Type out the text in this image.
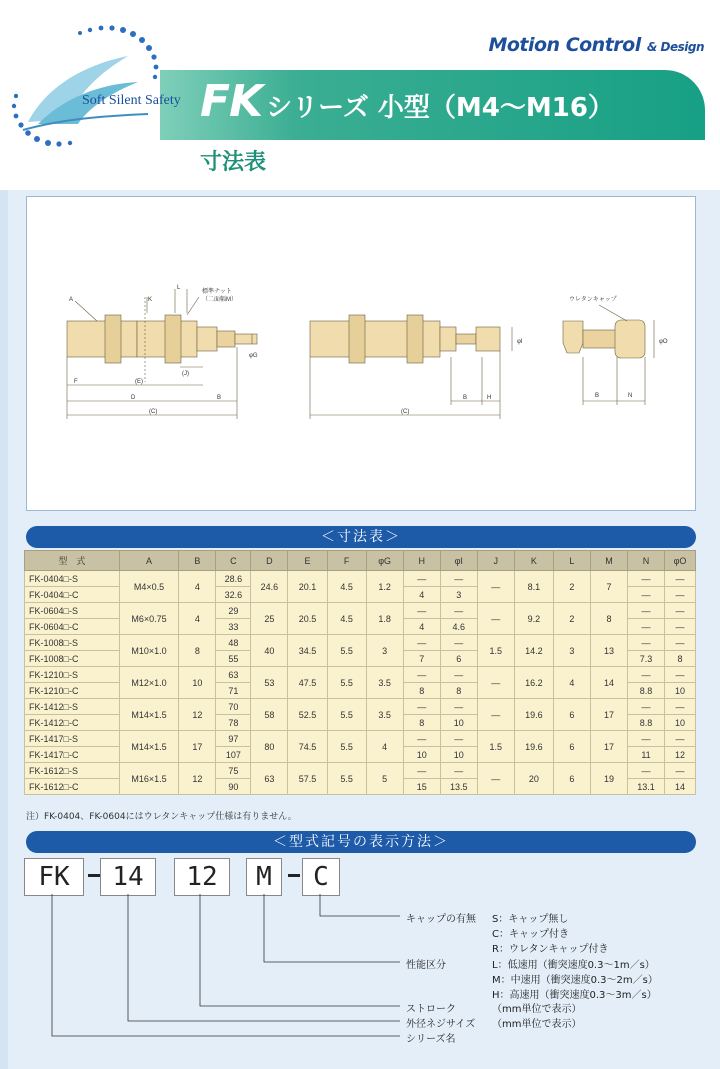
Motion Control & Design
Soft Silent Safety FK シリーズ 小型（M4～M16）
寸法表
A	K
L
標準ナット
（二面幅M）
φG
F	(E)
(J)
D	B
(C)
B	H
(C)
φI
ウレタンキャップ
φO
B	N
＜寸法表＞
型　式	A	B	C	D	E	F	φG	H	φI	J	K	L	M	N	φO
FK-0404□-S	M4×0.5	4	28.6	24.6	20.1	4.5	1.2	—	—	—	8.1	2	7	—	—
FK-0404□-C			32.6					4	3					—	—
FK-0604□-S	M6×0.75	4	29	25	20.5	4.5	1.8	—	—	—	9.2	2	8	—	—
FK-0604□-C			33					4	4.6					—	—
FK-1008□-S	M10×1.0	8	48	40	34.5	5.5	3	—	—	1.5	14.2	3	13	—	—
FK-1008□-C			55					7	6					7.3	8
FK-1210□-S	M12×1.0	10	63	53	47.5	5.5	3.5	—	—	—	16.2	4	14	—	—
FK-1210□-C			71					8	8					8.8	10
FK-1412□-S	M14×1.5	12	70	58	52.5	5.5	3.5	—	—	—	19.6	6	17	—	—
FK-1412□-C			78					8	10					8.8	10
FK-1417□-S	M14×1.5	17	97	80	74.5	5.5	4	—	—	1.5	19.6	6	17	—	—
FK-1417□-C			107					10	10					11	12
FK-1612□-S	M16×1.5	12	75	63	57.5	5.5	5	—	—	—	20	6	19	—	—
FK-1612□-C			90					15	13.5					13.1	14
注）FK-0404、FK-0604にはウレタンキャップ仕様は有りません。
＜型式記号の表示方法＞
FK	14	12	M	C
キャップの有無 S：キャップ無し
C：キャップ付き
R：ウレタンキャップ付き
性能区分	L：低速用（衝突速度0.3～1m／s）
M：中速用（衝突速度0.3～2m／s）
H：高速用（衝突速度0.3～3m／s）
ストローク	（mm単位で表示）
外径ネジサイズ （mm単位で表示）
シリーズ名
